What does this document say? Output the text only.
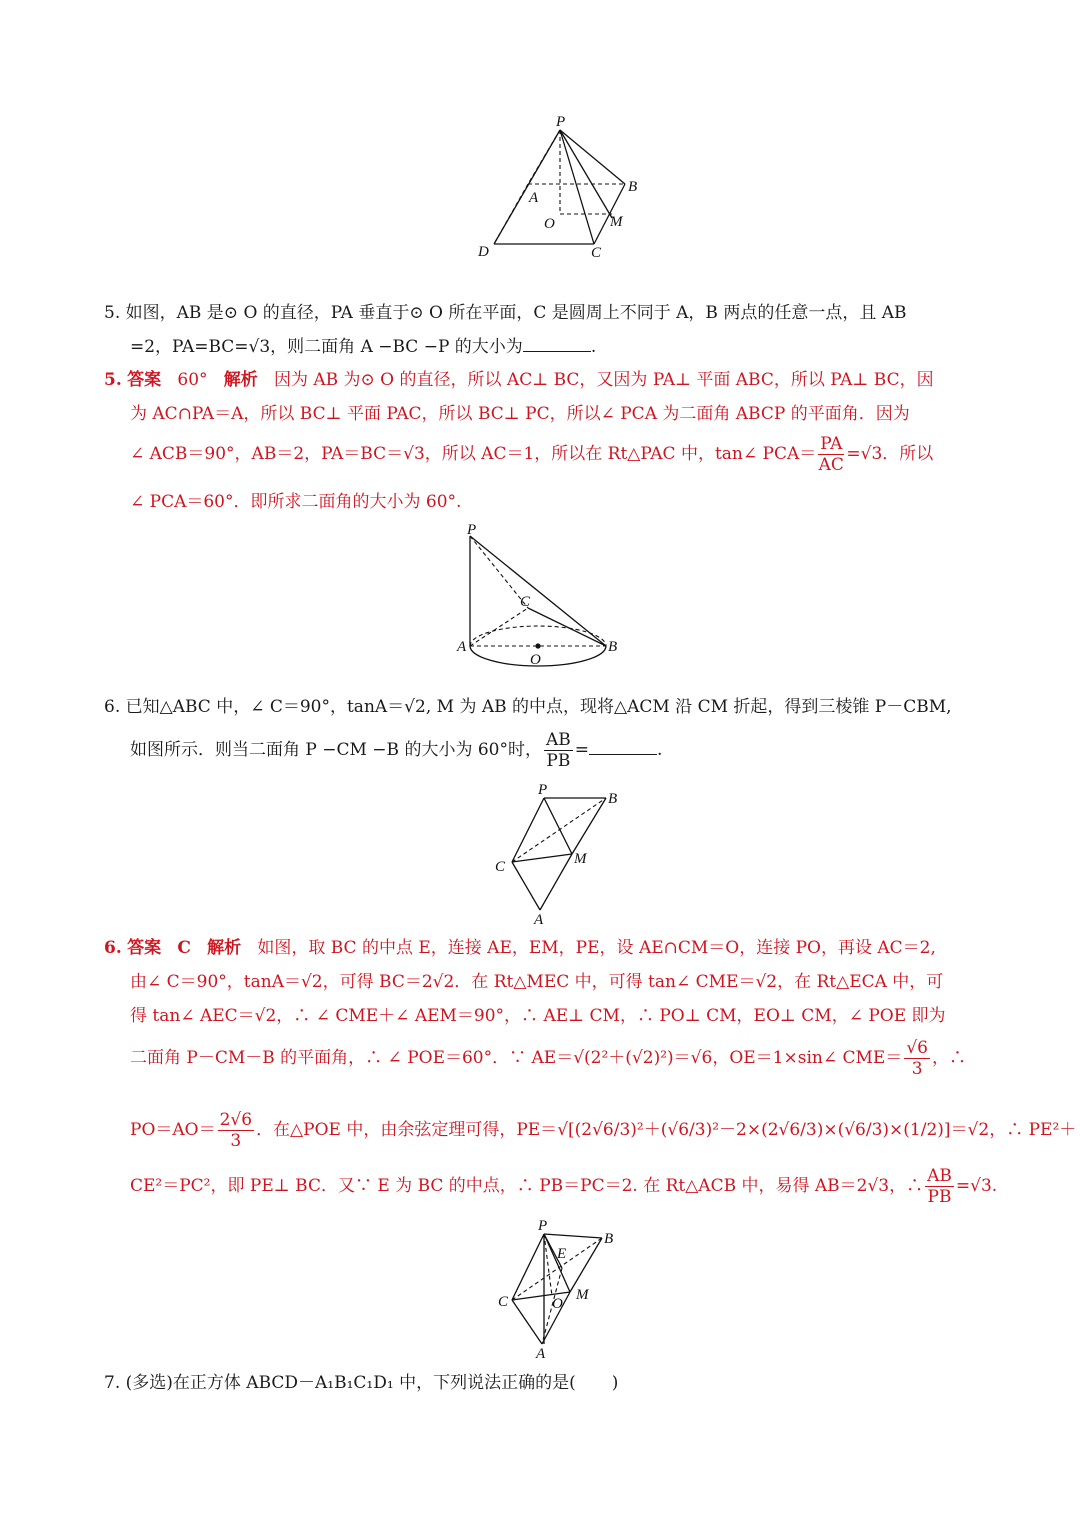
P
A
B
O	M
D	C
5. 如图，AB 是⊙ O 的直径，PA 垂直于⊙ O 所在平面，C 是圆周上不同于 A，B 两点的任意一点，且 AB
=2，PA=BC=√3，则二面角 A −BC −P 的大小为	.
5. 答案 60° 解析 因为 AB 为⊙ O 的直径，所以 AC⊥ BC，又因为 PA⊥ 平面 ABC，所以 PA⊥ BC，因
为 AC∩PA＝A，所以 BC⊥ 平面 PAC，所以 BC⊥ PC，所以∠ PCA 为二面角 ABCP 的平面角．因为
∠ ACB＝90°，AB＝2，PA＝BC＝√3，所以 AC＝1，所以在 Rt△PAC 中，tan∠ $PCA= \frac{PA}{AC} =√3$．所以
∠ PCA＝60°．即所求二面角的大小为 60°.
P
C
A
O
B
6. 已知△ABC 中，∠ C＝90°，tanA＝√2, M 为 AB 的中点，现将△ACM 沿 CM 折起，得到三棱锥 P－CBM,
如图所示．则当二面角 P −CM −B 的大小为 60°时， $\frac{AB}{PB}$ =	.
P
B
C	M
A
6. 答案 C 解析 如图，取 BC 的中点 E，连接 AE，EM，PE，设 AE∩CM＝O，连接 PO，再设 AC＝2,
由∠ C＝90°，tanA＝√2，可得 BC＝2√2．在 Rt△MEC 中，可得 tan∠ CME＝√2，在 Rt△ECA 中，可
得 tan∠ AEC＝√2，∴ ∠ CME＋∠ AEM＝90°，∴ AE⊥ CM，∴ PO⊥ CM，EO⊥ CM，∠ POE 即为
二面角 P－CM－B 的平面角，∴ ∠ POE＝60°．∵ AE＝√(2²＋(√2)²)＝√6，OE＝1×sin∠ $CME= \frac{√6}{3}$ ，∴
$PO=AO= \frac{2√6}{3}$ ．在△POE 中，由余弦定理可得，PE＝√[(2√6/3)²＋(√6/3)²－2×(2√6/3)×(√6/3)×(1/2)]＝√2，∴ PE²＋
CE²＝PC²，即 PE⊥ BC．又∵ E 为 BC 的中点，∴ PB＝PC＝2. 在 Rt△ACB 中，易得 AB＝2√3，∴ $\frac{AB}{PB} =√3$.
P
B
E
C	O
M
A
7. (多选)在正方体 ABCD－A₁B₁C₁D₁ 中，下列说法正确的是( )
